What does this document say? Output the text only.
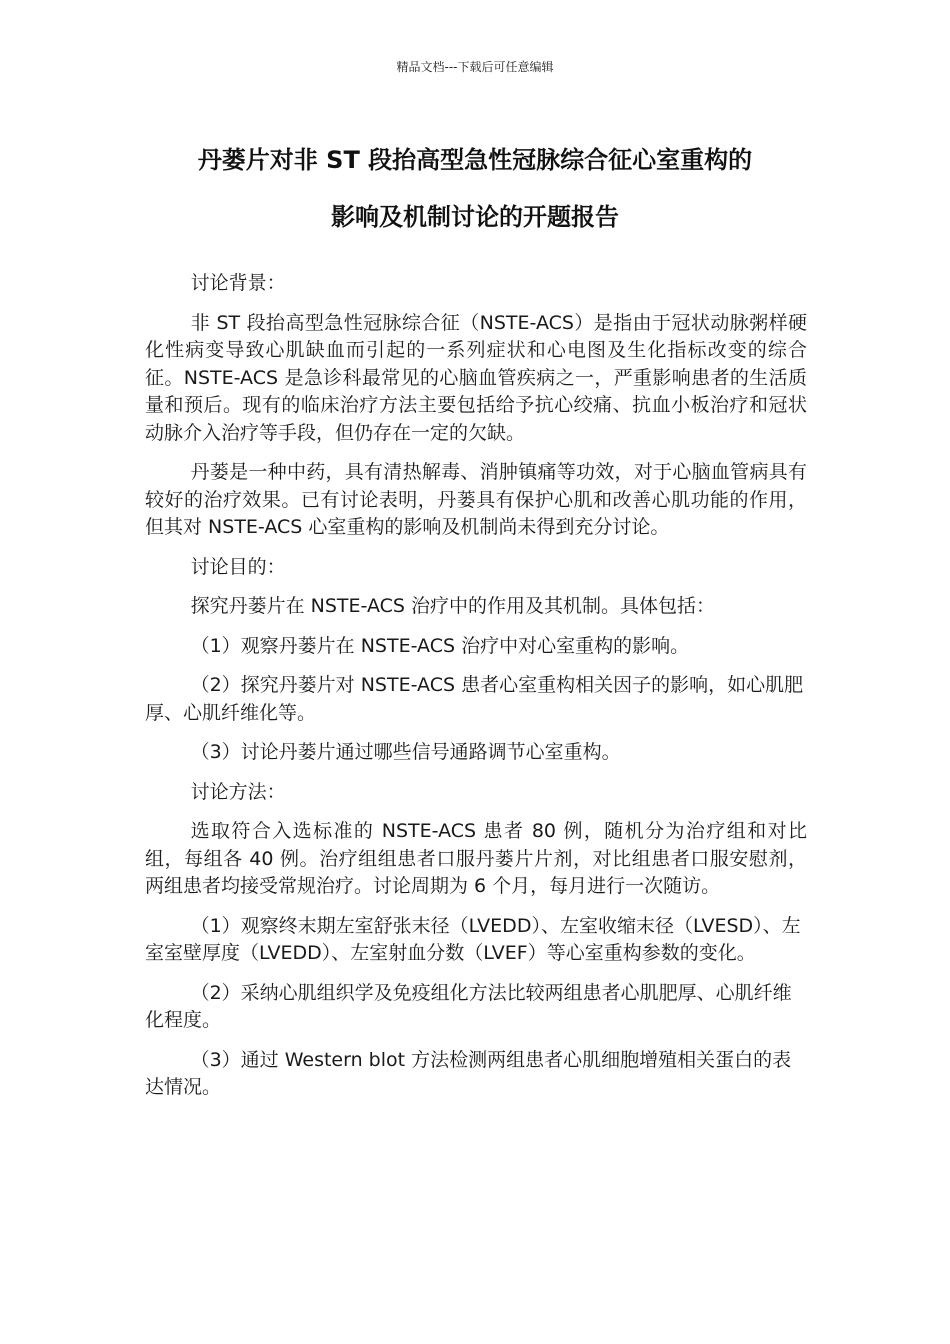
精品文档---下载后可任意编辑
丹蒌片对非 ST 段抬高型急性冠脉综合征心室重构的
影响及机制讨论的开题报告

讨论背景：

非 ST 段抬高型急性冠脉综合征（NSTE-ACS）是指由于冠状动脉粥样硬化性病变导致心肌缺血而引起的一系列症状和心电图及生化指标改变的综合征。NSTE-ACS 是急诊科最常见的心脑血管疾病之一，严重影响患者的生活质量和预后。现有的临床治疗方法主要包括给予抗心绞痛、抗血小板治疗和冠状动脉介入治疗等手段，但仍存在一定的欠缺。

丹蒌是一种中药，具有清热解毒、消肿镇痛等功效，对于心脑血管病具有较好的治疗效果。已有讨论表明，丹蒌具有保护心肌和改善心肌功能的作用，但其对 NSTE-ACS 心室重构的影响及机制尚未得到充分讨论。

讨论目的：

探究丹蒌片在 NSTE-ACS 治疗中的作用及其机制。具体包括：

（1）观察丹蒌片在 NSTE-ACS 治疗中对心室重构的影响。

（2）探究丹蒌片对 NSTE-ACS 患者心室重构相关因子的影响，如心肌肥厚、心肌纤维化等。

（3）讨论丹蒌片通过哪些信号通路调节心室重构。

讨论方法：

选取符合入选标准的 NSTE-ACS 患者 80 例，随机分为治疗组和对比组，每组各 40 例。治疗组组患者口服丹蒌片片剂，对比组患者口服安慰剂，两组患者均接受常规治疗。讨论周期为 6 个月，每月进行一次随访。

（1）观察终末期左室舒张末径（LVEDD）、左室收缩末径（LVESD）、左室室壁厚度（LVEDD）、左室射血分数（LVEF）等心室重构参数的变化。

（2）采纳心肌组织学及免疫组化方法比较两组患者心肌肥厚、心肌纤维化程度。

（3）通过 Western blot 方法检测两组患者心肌细胞增殖相关蛋白的表达情况。
